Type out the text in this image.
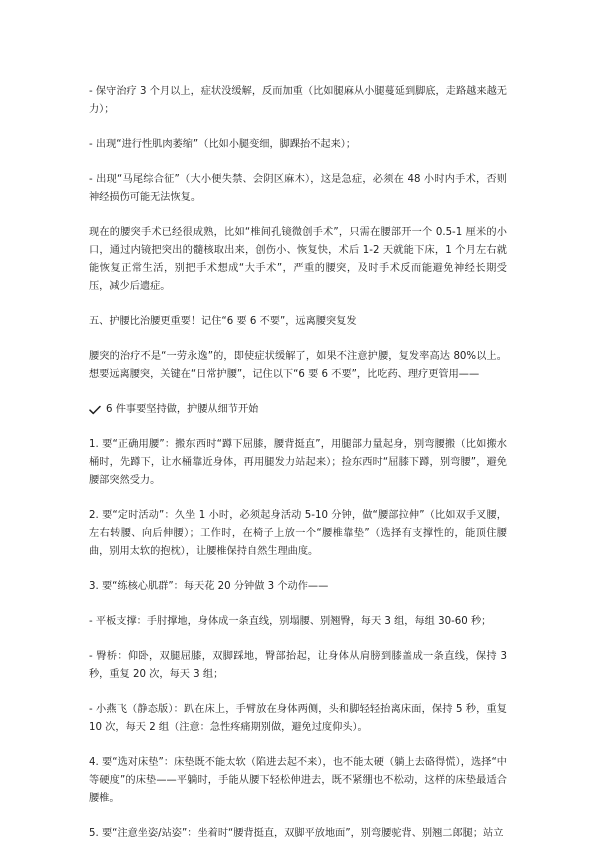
- 保守治疗 3 个月以上，症状没缓解，反而加重（比如腿麻从小腿蔓延到脚底，走路越来越无力）；

- 出现“进行性肌肉萎缩”（比如小腿变细，脚踝抬不起来）；

- 出现“马尾综合征”（大小便失禁、会阴区麻木），这是急症，必须在 48 小时内手术，否则神经损伤可能无法恢复。

现在的腰突手术已经很成熟，比如“椎间孔镜微创手术”，只需在腰部开一个 0.5-1 厘米的小口，通过内镜把突出的髓核取出来，创伤小、恢复快，术后 1-2 天就能下床，1 个月左右就能恢复正常生活，别把手术想成“大手术”，严重的腰突，及时手术反而能避免神经长期受压，减少后遗症。

五、护腰比治腰更重要！记住“6 要 6 不要”，远离腰突复发

腰突的治疗不是“一劳永逸”的，即使症状缓解了，如果不注意护腰，复发率高达 80%以上。想要远离腰突，关键在“日常护腰”，记住以下“6 要 6 不要”，比吃药、理疗更管用——

6 件事要坚持做，护腰从细节开始

1. 要“正确用腰”：搬东西时“蹲下屈膝，腰背挺直”，用腿部力量起身，别弯腰搬（比如搬水桶时，先蹲下，让水桶靠近身体，再用腿发力站起来）；捡东西时“屈膝下蹲，别弯腰”，避免腰部突然受力。

2. 要“定时活动”：久坐 1 小时，必须起身活动 5-10 分钟，做“腰部拉伸”（比如双手叉腰，左右转腰、向后伸腰）；工作时，在椅子上放一个“腰椎靠垫”（选择有支撑性的，能顶住腰曲，别用太软的抱枕），让腰椎保持自然生理曲度。

3. 要“练核心肌群”：每天花 20 分钟做 3 个动作——

- 平板支撑：手肘撑地，身体成一条直线，别塌腰、别翘臀，每天 3 组，每组 30-60 秒；

- 臀桥：仰卧，双腿屈膝，双脚踩地，臀部抬起，让身体从肩膀到膝盖成一条直线，保持 3 秒，重复 20 次，每天 3 组；

- 小燕飞（静态版）：趴在床上，手臂放在身体两侧，头和脚轻轻抬离床面，保持 5 秒，重复 10 次，每天 2 组（注意：急性疼痛期别做，避免过度仰头）。

4. 要“选对床垫”：床垫既不能太软（陷进去起不来），也不能太硬（躺上去硌得慌），选择“中等硬度”的床垫——平躺时，手能从腰下轻松伸进去，既不紧绷也不松动，这样的床垫最适合腰椎。

5. 要“注意坐姿/站姿”：坐着时“腰背挺直，双脚平放地面”，别弯腰驼背、别翘二郎腿；站立
